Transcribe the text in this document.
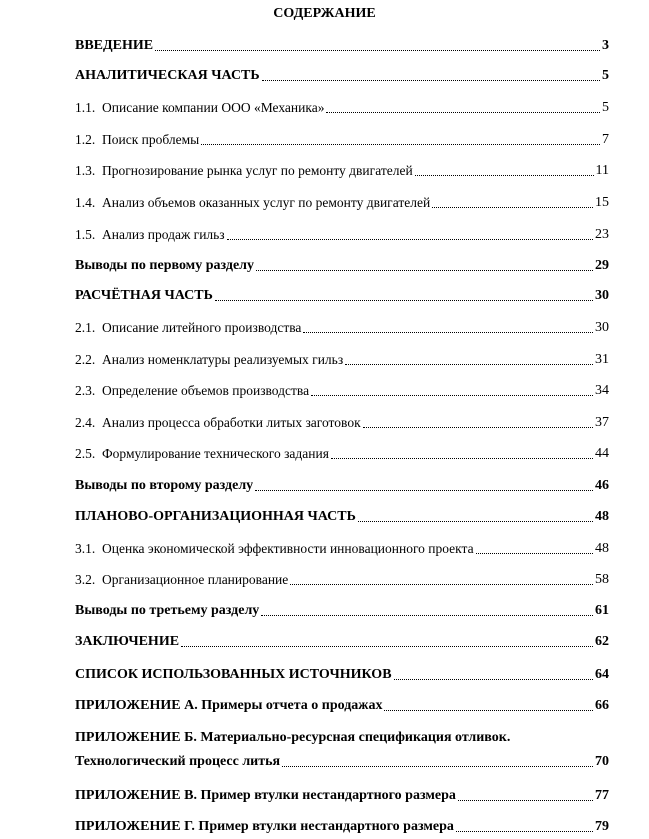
СОДЕРЖАНИЕ
ВВЕДЕНИЕ	3
АНАЛИТИЧЕСКАЯ ЧАСТЬ	5
1.1. Описание компании ООО «Механика»	5
1.2. Поиск проблемы	7
1.3. Прогнозирование рынка услуг по ремонту двигателей	11
1.4. Анализ объемов оказанных услуг по ремонту двигателей	15
1.5. Анализ продаж гильз	23
Выводы по первому разделу	29
РАСЧЁТНАЯ ЧАСТЬ	30
2.1. Описание литейного производства	30
2.2. Анализ номенклатуры реализуемых гильз	31
2.3. Определение объемов производства	34
2.4. Анализ процесса обработки литых заготовок	37
2.5. Формулирование технического задания	44
Выводы по второму разделу	46
ПЛАНОВО-ОРГАНИЗАЦИОННАЯ ЧАСТЬ	48
3.1. Оценка экономической эффективности инновационного проекта	48
3.2. Организационное планирование	58
Выводы по третьему разделу	61
ЗАКЛЮЧЕНИЕ	62
СПИСОК ИСПОЛЬЗОВАННЫХ ИСТОЧНИКОВ	64
ПРИЛОЖЕНИЕ А. Примеры отчета о продажах	66
ПРИЛОЖЕНИЕ Б. Материально-ресурсная спецификация отливок.
Технологический процесс литья	70
ПРИЛОЖЕНИЕ В. Пример втулки нестандартного размера	77
ПРИЛОЖЕНИЕ Г. Пример втулки нестандартного размера	79
